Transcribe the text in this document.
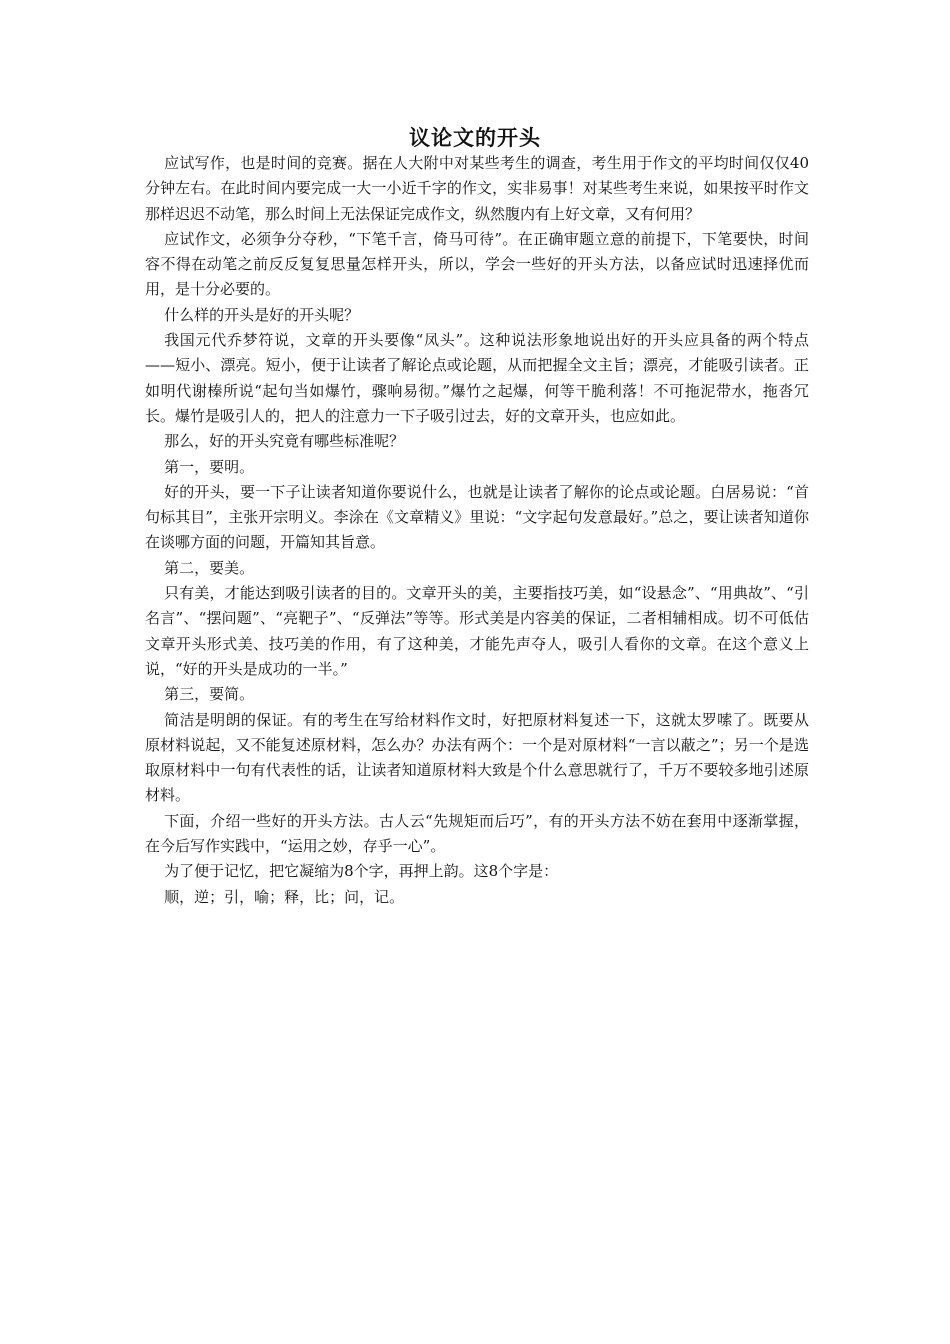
议论文的开头

应试写作，也是时间的竞赛。据在人大附中对某些考生的调查，考生用于作文的平均时间仅仅40分钟左右。在此时间内要完成一大一小近千字的作文，实非易事！对某些考生来说，如果按平时作文那样迟迟不动笔，那么时间上无法保证完成作文，纵然腹内有上好文章，又有何用？

应试作文，必须争分夺秒，“下笔千言，倚马可待”。在正确审题立意的前提下，下笔要快，时间容不得在动笔之前反反复复思量怎样开头，所以，学会一些好的开头方法，以备应试时迅速择优而用，是十分必要的。

什么样的开头是好的开头呢？

我国元代乔梦符说，文章的开头要像“凤头”。这种说法形象地说出好的开头应具备的两个特点——短小、漂亮。短小，便于让读者了解论点或论题，从而把握全文主旨；漂亮，才能吸引读者。正如明代谢榛所说“起句当如爆竹，骤响易彻。”爆竹之起爆，何等干脆利落！不可拖泥带水，拖沓冗长。爆竹是吸引人的，把人的注意力一下子吸引过去，好的文章开头，也应如此。

那么，好的开头究竟有哪些标准呢？

第一，要明。

好的开头，要一下子让读者知道你要说什么，也就是让读者了解你的论点或论题。白居易说：“首句标其目”，主张开宗明义。李涂在《文章精义》里说：“文字起句发意最好。”总之，要让读者知道你在谈哪方面的问题，开篇知其旨意。

第二，要美。

只有美，才能达到吸引读者的目的。文章开头的美，主要指技巧美，如“设悬念”、“用典故”、“引名言”、“摆问题”、“亮靶子”、“反弹法”等等。形式美是内容美的保证，二者相辅相成。切不可低估文章开头形式美、技巧美的作用，有了这种美，才能先声夺人，吸引人看你的文章。在这个意义上说，“好的开头是成功的一半。”

第三，要简。

简洁是明朗的保证。有的考生在写给材料作文时，好把原材料复述一下，这就太罗嗦了。既要从原材料说起，又不能复述原材料，怎么办？办法有两个：一个是对原材料“一言以蔽之”；另一个是选取原材料中一句有代表性的话，让读者知道原材料大致是个什么意思就行了，千万不要较多地引述原材料。

下面，介绍一些好的开头方法。古人云“先规矩而后巧”，有的开头方法不妨在套用中逐渐掌握，在今后写作实践中，“运用之妙，存乎一心”。

为了便于记忆，把它凝缩为8个字，再押上韵。这8个字是：

顺，逆；引，喻；释，比；问，记。
